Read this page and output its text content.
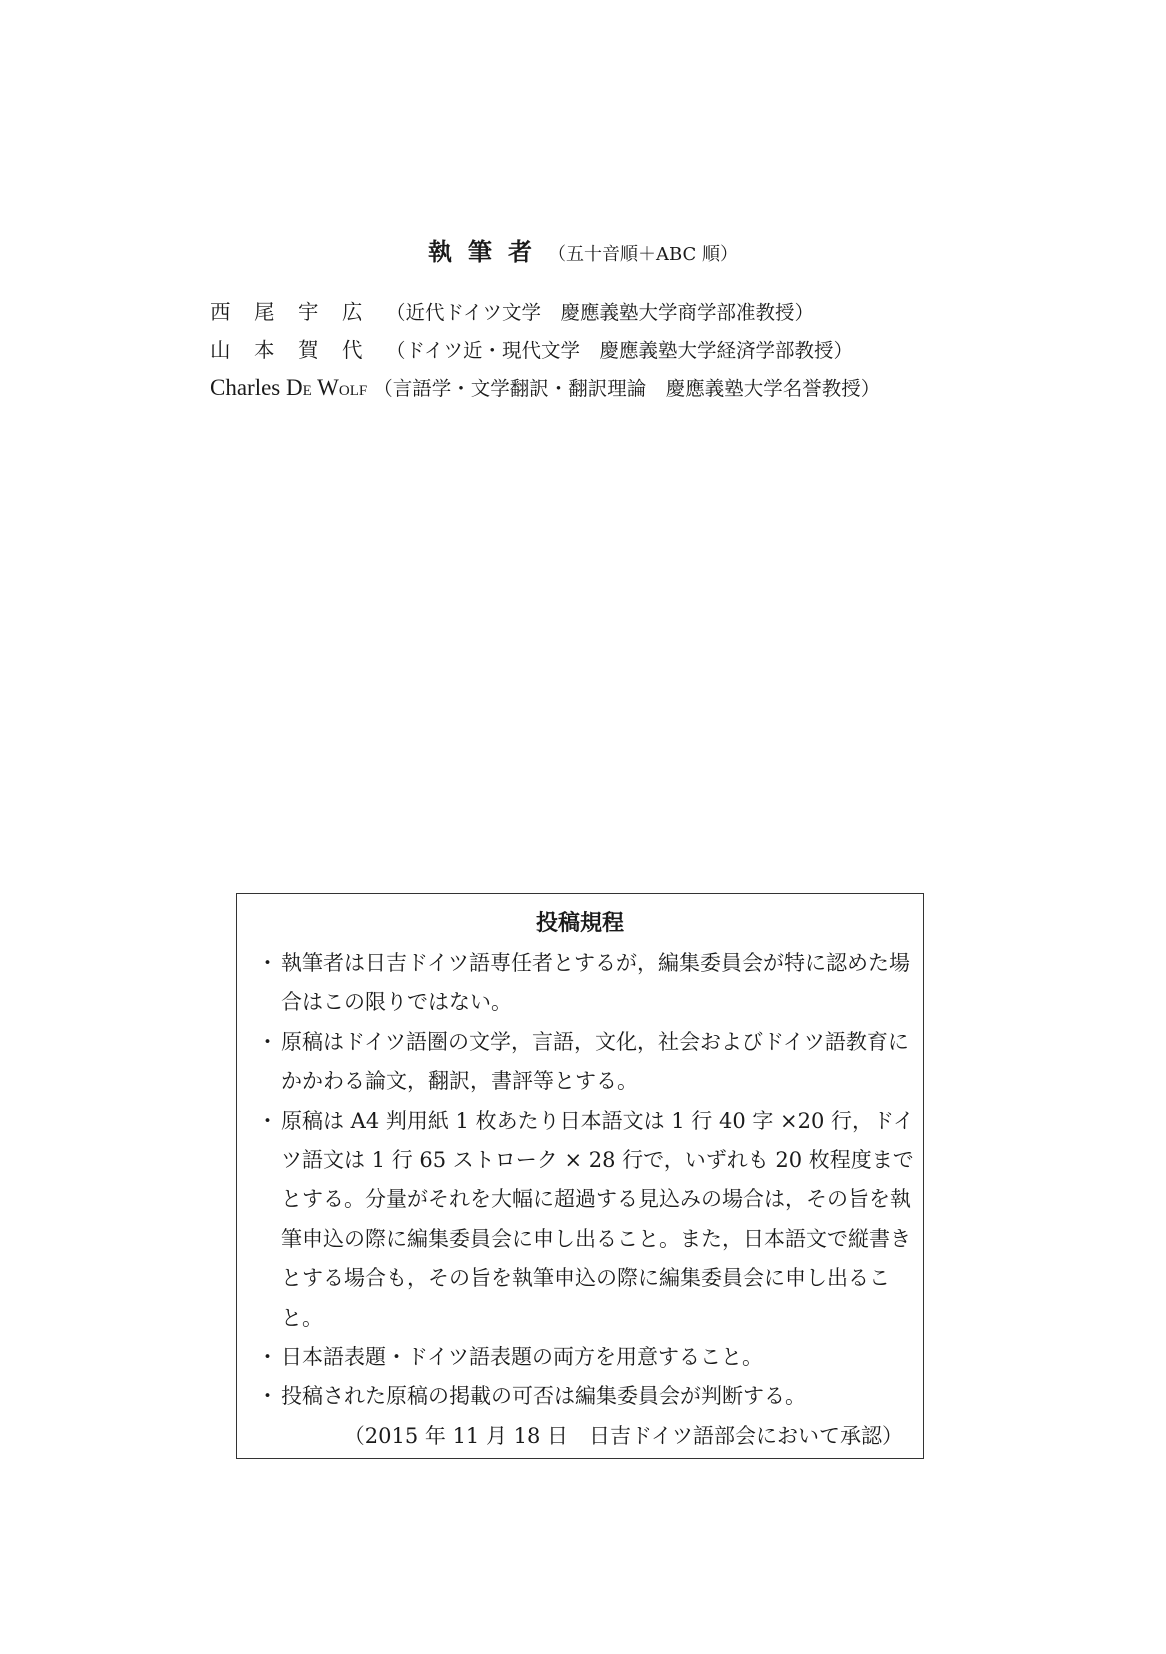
執筆者（五十音順＋ABC 順）
西 尾 宇 広 （近代ドイツ文学　慶應義塾大学商学部准教授）
山 本 賀 代 （ドイツ近・現代文学　慶應義塾大学経済学部教授）
Charles DE WOLF （言語学・文学翻訳・翻訳理論　慶應義塾大学名誉教授）
投稿規程
・ 執筆者は日吉ドイツ語専任者とするが，編集委員会が特に認めた場合はこの限りではない。
・ 原稿はドイツ語圏の文学，言語，文化，社会およびドイツ語教育にかかわる論文，翻訳，書評等とする。
・ 原稿は A4 判用紙 1 枚あたり日本語文は 1 行 40 字 ×20 行，ドイツ語文は 1 行 65 ストローク × 28 行で，いずれも 20 枚程度までとする。分量がそれを大幅に超過する見込みの場合は，その旨を執筆申込の際に編集委員会に申し出ること。また，日本語文で縦書きとする場合も，その旨を執筆申込の際に編集委員会に申し出ること。
・ 日本語表題・ドイツ語表題の両方を用意すること。
・ 投稿された原稿の掲載の可否は編集委員会が判断する。
（2015 年 11 月 18 日　日吉ドイツ語部会において承認）
